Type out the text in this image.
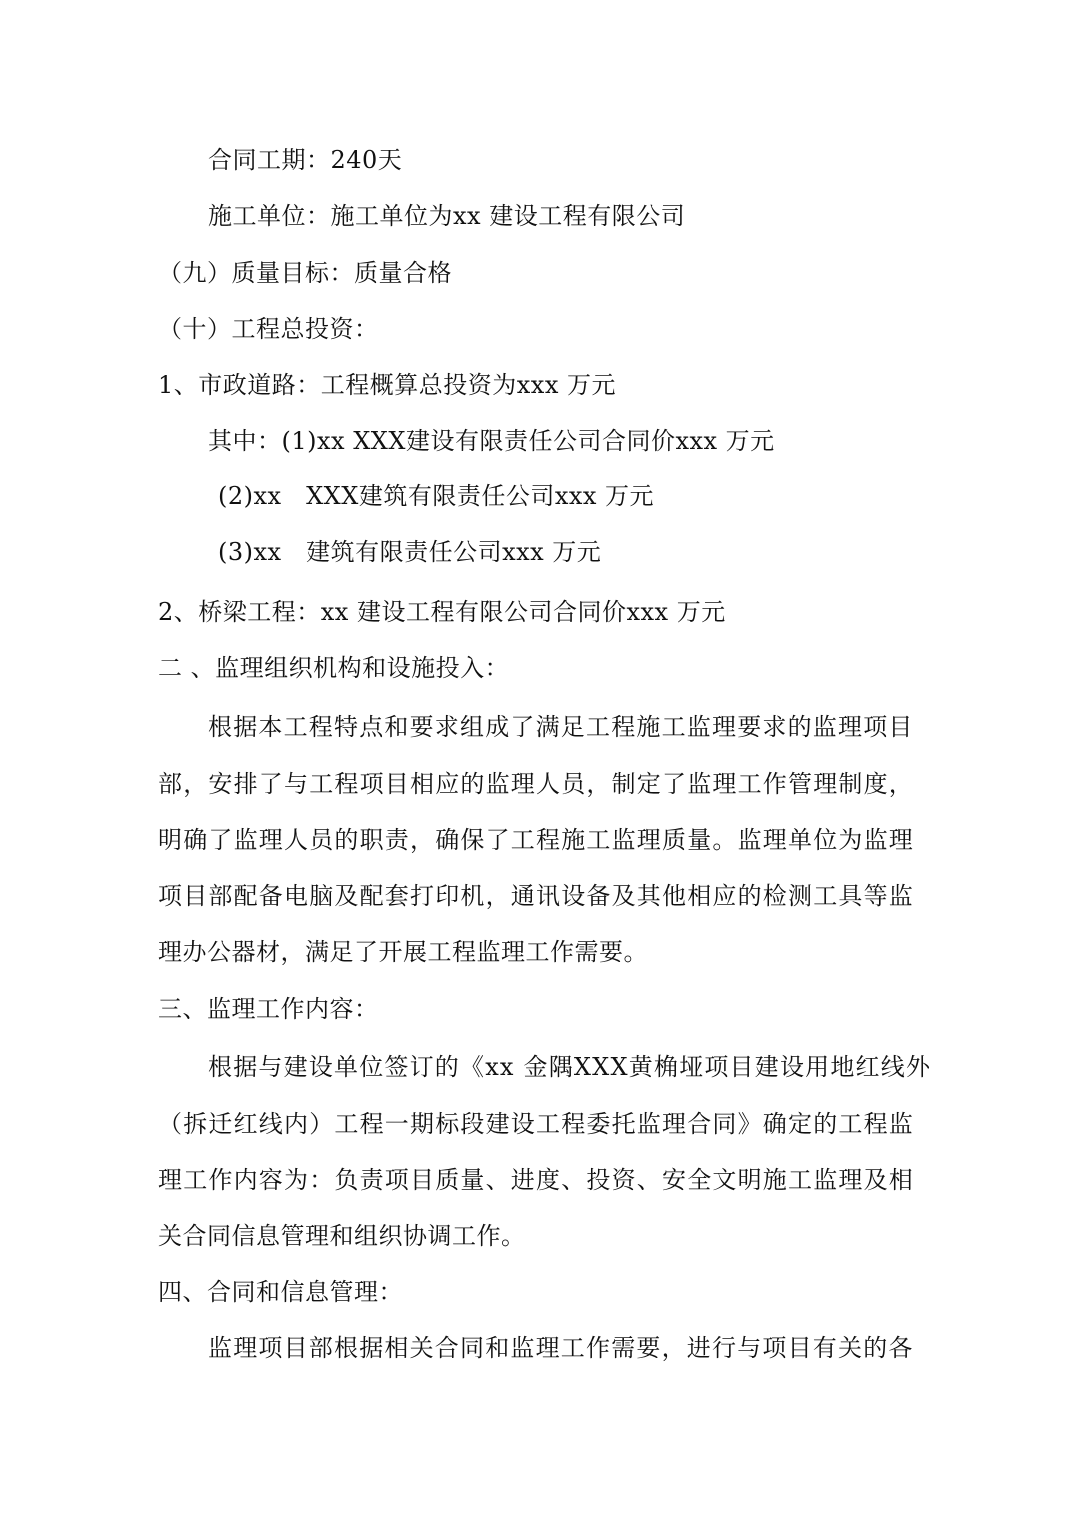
合同工期：240天
施工单位：施工单位为xx 建设工程有限公司
（九）质量目标：质量合格
（十）工程总投资：
1、市政道路：工程概算总投资为xxx 万元
其中：(1)xx XXX建设有限责任公司合同价xxx 万元
(2)xx　XXX建筑有限责任公司xxx 万元
(3)xx　建筑有限责任公司xxx 万元
2、桥梁工程：xx 建设工程有限公司合同价xxx 万元
二 、监理组织机构和设施投入：
根据本工程特点和要求组成了满足工程施工监理要求的监理项目
部，安排了与工程项目相应的监理人员，制定了监理工作管理制度，
明确了监理人员的职责，确保了工程施工监理质量。监理单位为监理
项目部配备电脑及配套打印机，通讯设备及其他相应的检测工具等监
理办公器材，满足了开展工程监理工作需要。
三、监理工作内容：
根据与建设单位签订的《xx 金隅XXX黄桷垭项目建设用地红线外
（拆迁红线内）工程一期标段建设工程委托监理合同》确定的工程监
理工作内容为：负责项目质量、进度、投资、安全文明施工监理及相
关合同信息管理和组织协调工作。
四、合同和信息管理：
监理项目部根据相关合同和监理工作需要，进行与项目有关的各
